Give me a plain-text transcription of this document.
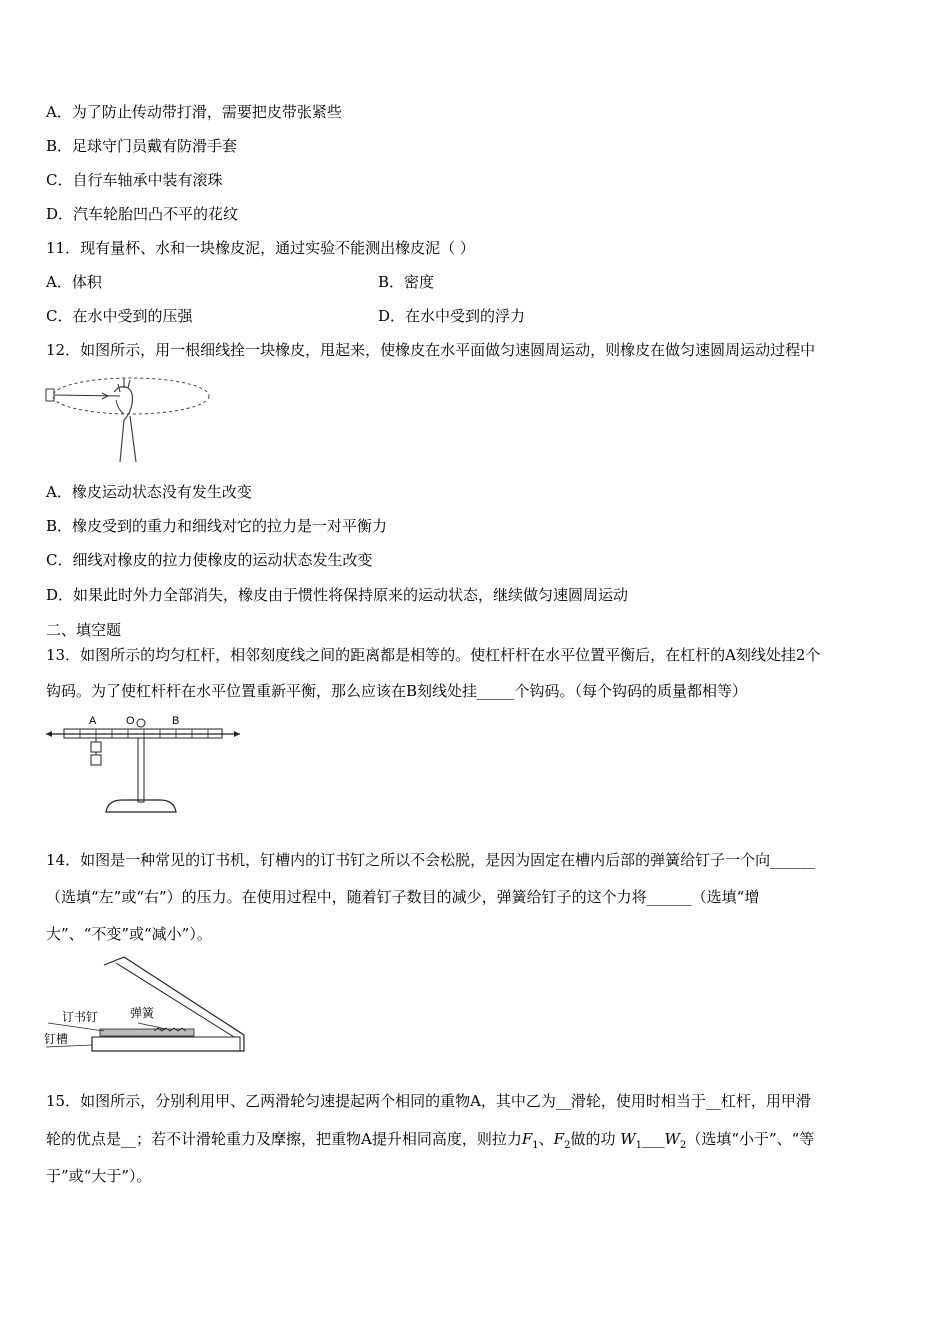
A．为了防止传动带打滑，需要把皮带张紧些
B．足球守门员戴有防滑手套
C．自行车轴承中装有滚珠
D．汽车轮胎凹凸不平的花纹
11．现有量杯、水和一块橡皮泥，通过实验不能测出橡皮泥（ ）
A．体积	B．密度
C．在水中受到的压强	D．在水中受到的浮力
12．如图所示，用一根细线拴一块橡皮，甩起来，使橡皮在水平面做匀速圆周运动，则橡皮在做匀速圆周运动过程中
A．橡皮运动状态没有发生改变
B．橡皮受到的重力和细线对它的拉力是一对平衡力
C．细线对橡皮的拉力使橡皮的运动状态发生改变
D．如果此时外力全部消失，橡皮由于惯性将保持原来的运动状态，继续做匀速圆周运动
二、填空题
13．如图所示的均匀杠杆，相邻刻度线之间的距离都是相等的。使杠杆杆在水平位置平衡后，在杠杆的A刻线处挂2个
钩码。为了使杠杆杆在水平位置重新平衡，那么应该在B刻线处挂_____个钩码。（每个钩码的质量都相等）
A	O	B
14．如图是一种常见的订书机，钉槽内的订书钉之所以不会松脱，是因为固定在槽内后部的弹簧给钉子一个向______
（选填“左”或“右”）的压力。在使用过程中，随着钉子数目的减少，弹簧给钉子的这个力将______（选填“增
大”、“不变”或“减小”）。
订书钉	弹簧
钉槽
15．如图所示，分别利用甲、乙两滑轮匀速提起两个相同的重物A，其中乙为__滑轮，使用时相当于__杠杆，用甲滑
轮的优点是__；若不计滑轮重力及摩擦，把重物A提升相同高度，则拉力$F_1$、$F_2$做的功 $W_1\_\_\_W_2$（选填“小于”、“等
于”或“大于”）。
